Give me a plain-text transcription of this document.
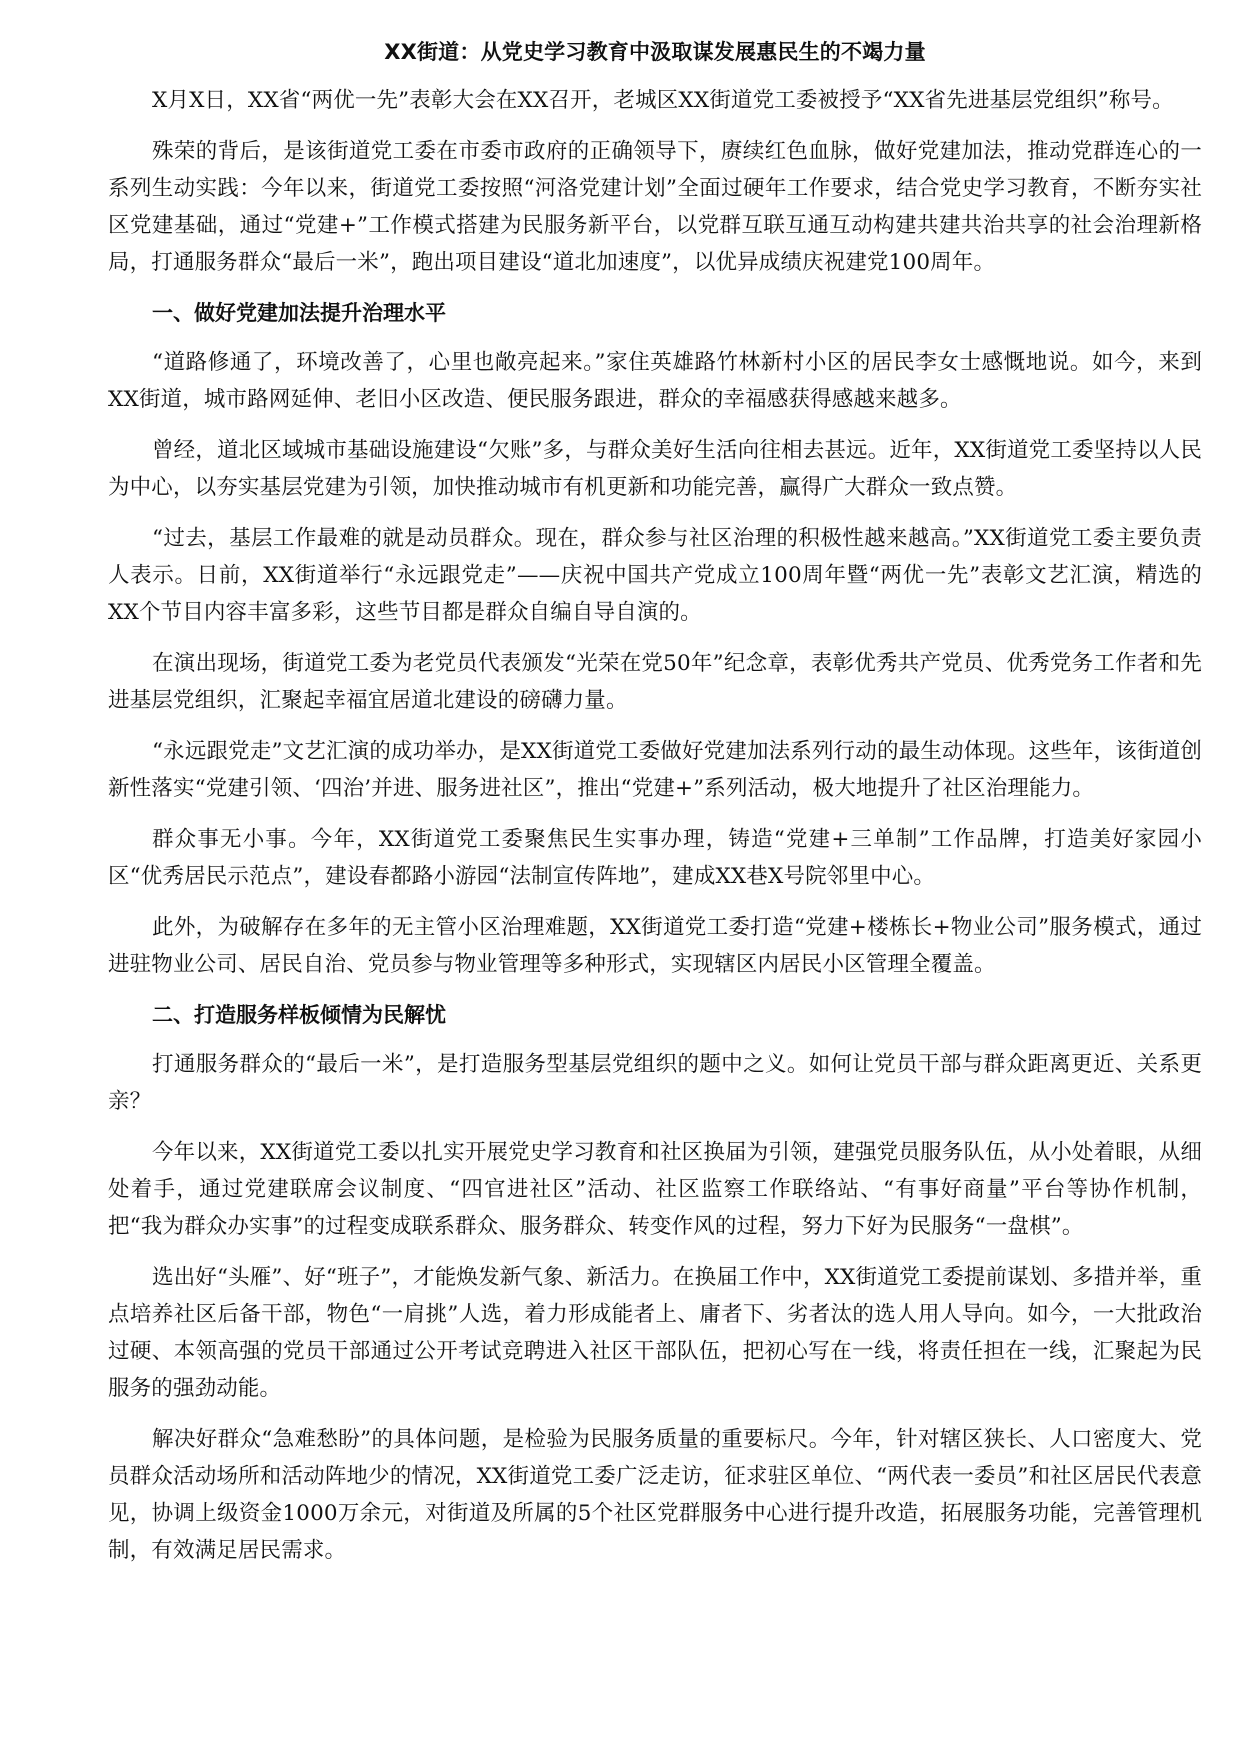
XX街道：从党史学习教育中汲取谋发展惠民生的不竭力量

X月X日，XX省“两优一先”表彰大会在XX召开，老城区XX街道党工委被授予“XX省先进基层党组织”称号。

殊荣的背后，是该街道党工委在市委市政府的正确领导下，赓续红色血脉，做好党建加法，推动党群连心的一系列生动实践：今年以来，街道党工委按照“河洛党建计划”全面过硬年工作要求，结合党史学习教育，不断夯实社区党建基础，通过“党建+”工作模式搭建为民服务新平台，以党群互联互通互动构建共建共治共享的社会治理新格局，打通服务群众“最后一米”，跑出项目建设“道北加速度”，以优异成绩庆祝建党100周年。

一、做好党建加法提升治理水平

“道路修通了，环境改善了，心里也敞亮起来。”家住英雄路竹林新村小区的居民李女士感慨地说。如今，来到XX街道，城市路网延伸、老旧小区改造、便民服务跟进，群众的幸福感获得感越来越多。

曾经，道北区域城市基础设施建设“欠账”多，与群众美好生活向往相去甚远。近年，XX街道党工委坚持以人民为中心，以夯实基层党建为引领，加快推动城市有机更新和功能完善，赢得广大群众一致点赞。

“过去，基层工作最难的就是动员群众。现在，群众参与社区治理的积极性越来越高。”XX街道党工委主要负责人表示。日前，XX街道举行“永远跟党走”——庆祝中国共产党成立100周年暨“两优一先”表彰文艺汇演，精选的XX个节目内容丰富多彩，这些节目都是群众自编自导自演的。

在演出现场，街道党工委为老党员代表颁发“光荣在党50年”纪念章，表彰优秀共产党员、优秀党务工作者和先进基层党组织，汇聚起幸福宜居道北建设的磅礴力量。

“永远跟党走”文艺汇演的成功举办，是XX街道党工委做好党建加法系列行动的最生动体现。这些年，该街道创新性落实“党建引领、‘四治’并进、服务进社区”，推出“党建+”系列活动，极大地提升了社区治理能力。

群众事无小事。今年，XX街道党工委聚焦民生实事办理，铸造“党建+三单制”工作品牌，打造美好家园小区“优秀居民示范点”，建设春都路小游园“法制宣传阵地”，建成XX巷X号院邻里中心。

此外，为破解存在多年的无主管小区治理难题，XX街道党工委打造“党建+楼栋长+物业公司”服务模式，通过进驻物业公司、居民自治、党员参与物业管理等多种形式，实现辖区内居民小区管理全覆盖。

二、打造服务样板倾情为民解忧

打通服务群众的“最后一米”，是打造服务型基层党组织的题中之义。如何让党员干部与群众距离更近、关系更亲？

今年以来，XX街道党工委以扎实开展党史学习教育和社区换届为引领，建强党员服务队伍，从小处着眼，从细处着手，通过党建联席会议制度、“四官进社区”活动、社区监察工作联络站、“有事好商量”平台等协作机制，把“我为群众办实事”的过程变成联系群众、服务群众、转变作风的过程，努力下好为民服务“一盘棋”。

选出好“头雁”、好“班子”，才能焕发新气象、新活力。在换届工作中，XX街道党工委提前谋划、多措并举，重点培养社区后备干部，物色“一肩挑”人选，着力形成能者上、庸者下、劣者汰的选人用人导向。如今，一大批政治过硬、本领高强的党员干部通过公开考试竞聘进入社区干部队伍，把初心写在一线，将责任担在一线，汇聚起为民服务的强劲动能。

解决好群众“急难愁盼”的具体问题，是检验为民服务质量的重要标尺。今年，针对辖区狭长、人口密度大、党员群众活动场所和活动阵地少的情况，XX街道党工委广泛走访，征求驻区单位、“两代表一委员”和社区居民代表意见，协调上级资金1000万余元，对街道及所属的5个社区党群服务中心进行提升改造，拓展服务功能，完善管理机制，有效满足居民需求。
